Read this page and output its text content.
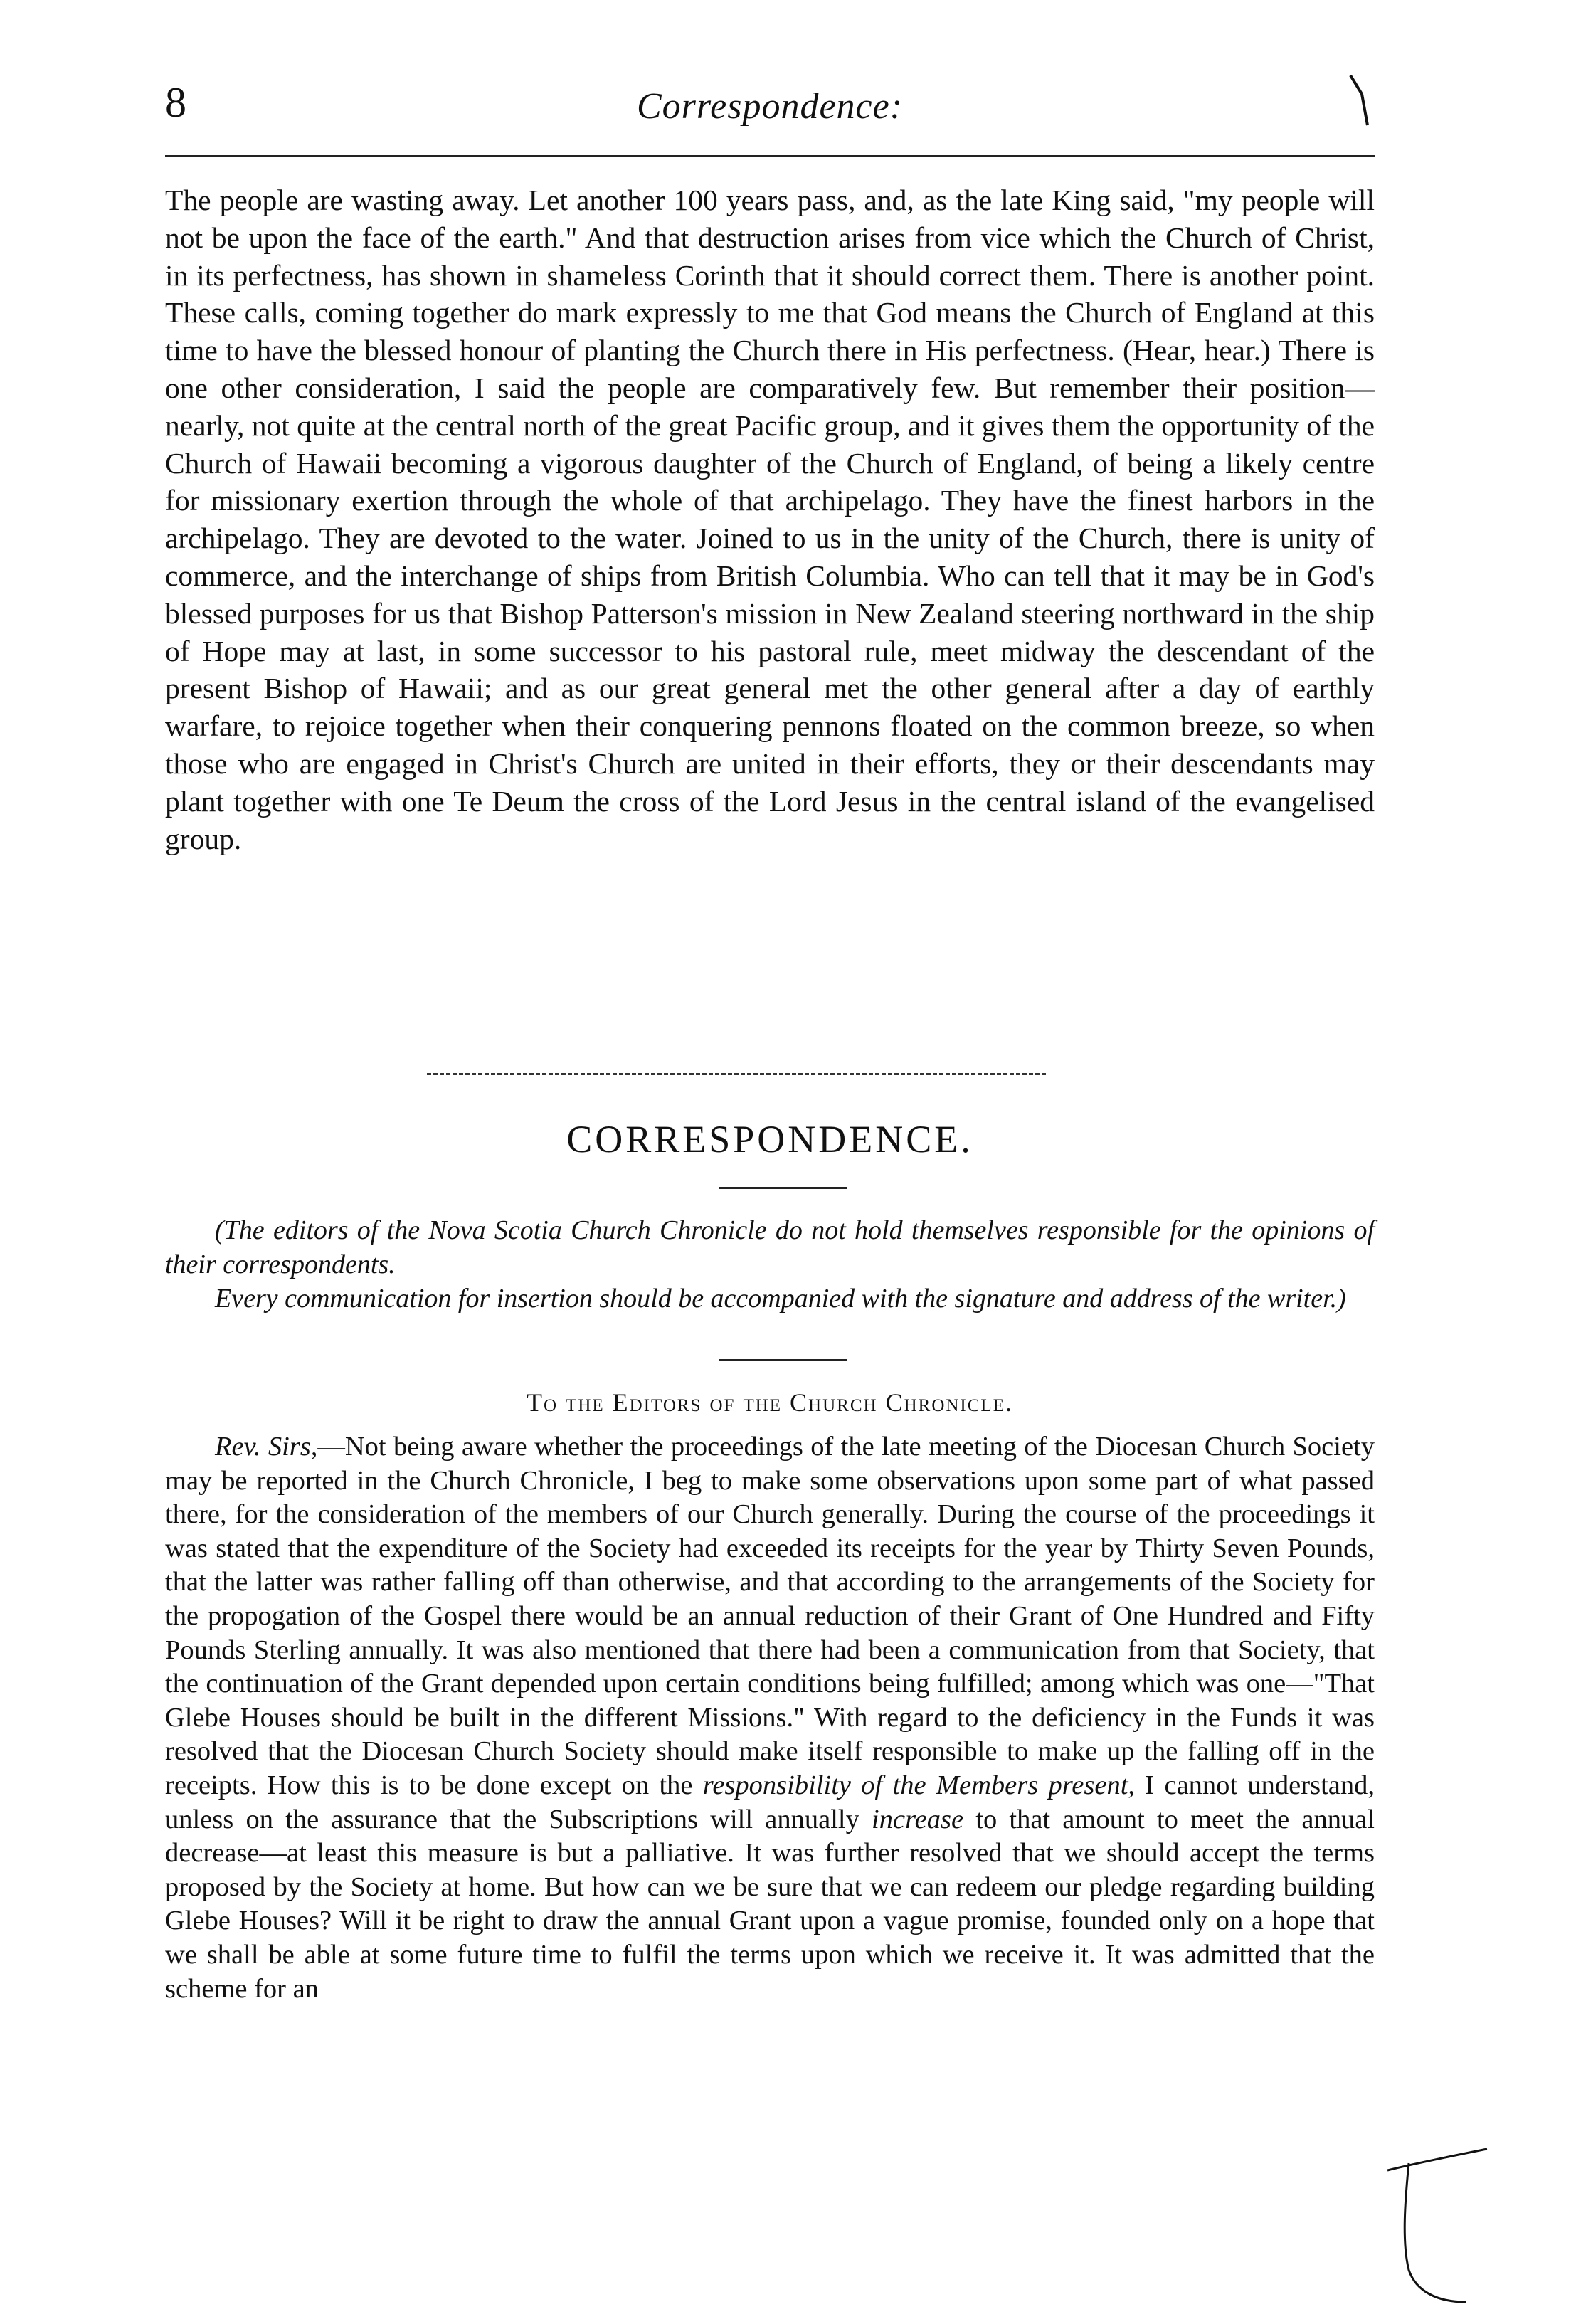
8	Correspondence:

The people are wasting away. Let another 100 years pass, and, as the late King said, "my people will not be upon the face of the earth." And that destruction arises from vice which the Church of Christ, in its perfectness, has shown in shameless Corinth that it should correct them. There is another point. These calls, coming together do mark expressly to me that God means the Church of England at this time to have the blessed honour of planting the Church there in His perfectness. (Hear, hear.) There is one other consideration, I said the people are comparatively few. But remember their position—nearly, not quite at the central north of the great Pacific group, and it gives them the opportunity of the Church of Hawaii becoming a vigorous daughter of the Church of England, of being a likely centre for missionary exertion through the whole of that archipelago. They have the finest harbors in the archipelago. They are devoted to the water. Joined to us in the unity of the Church, there is unity of commerce, and the interchange of ships from British Columbia. Who can tell that it may be in God's blessed purposes for us that Bishop Patterson's mission in New Zealand steering northward in the ship of Hope may at last, in some successor to his pastoral rule, meet midway the descendant of the present Bishop of Hawaii; and as our great general met the other general after a day of earthly warfare, to rejoice together when their conquering pennons floated on the common breeze, so when those who are engaged in Christ's Church are united in their efforts, they or their descendants may plant together with one Te Deum the cross of the Lord Jesus in the central island of the evangelised group.

CORRESPONDENCE.

(The editors of the Nova Scotia Church Chronicle do not hold themselves responsible for the opinions of their correspondents.

Every communication for insertion should be accompanied with the signature and address of the writer.)

To the Editors of the Church Chronicle.

Rev. Sirs,—Not being aware whether the proceedings of the late meeting of the Diocesan Church Society may be reported in the Church Chronicle, I beg to make some observations upon some part of what passed there, for the consideration of the members of our Church generally. During the course of the proceedings it was stated that the expenditure of the Society had exceeded its receipts for the year by Thirty Seven Pounds, that the latter was rather falling off than otherwise, and that according to the arrangements of the Society for the propogation of the Gospel there would be an annual reduction of their Grant of One Hundred and Fifty Pounds Sterling annually. It was also mentioned that there had been a communication from that Society, that the continuation of the Grant depended upon certain conditions being fulfilled; among which was one—"That Glebe Houses should be built in the different Missions." With regard to the deficiency in the Funds it was resolved that the Diocesan Church Society should make itself responsible to make up the falling off in the receipts. How this is to be done except on the responsibility of the Members present, I cannot understand, unless on the assurance that the Subscriptions will annually increase to that amount to meet the annual decrease—at least this measure is but a palliative. It was further resolved that we should accept the terms proposed by the Society at home. But how can we be sure that we can redeem our pledge regarding building Glebe Houses? Will it be right to draw the annual Grant upon a vague promise, founded only on a hope that we shall be able at some future time to fulfil the terms upon which we receive it. It was admitted that the scheme for an
